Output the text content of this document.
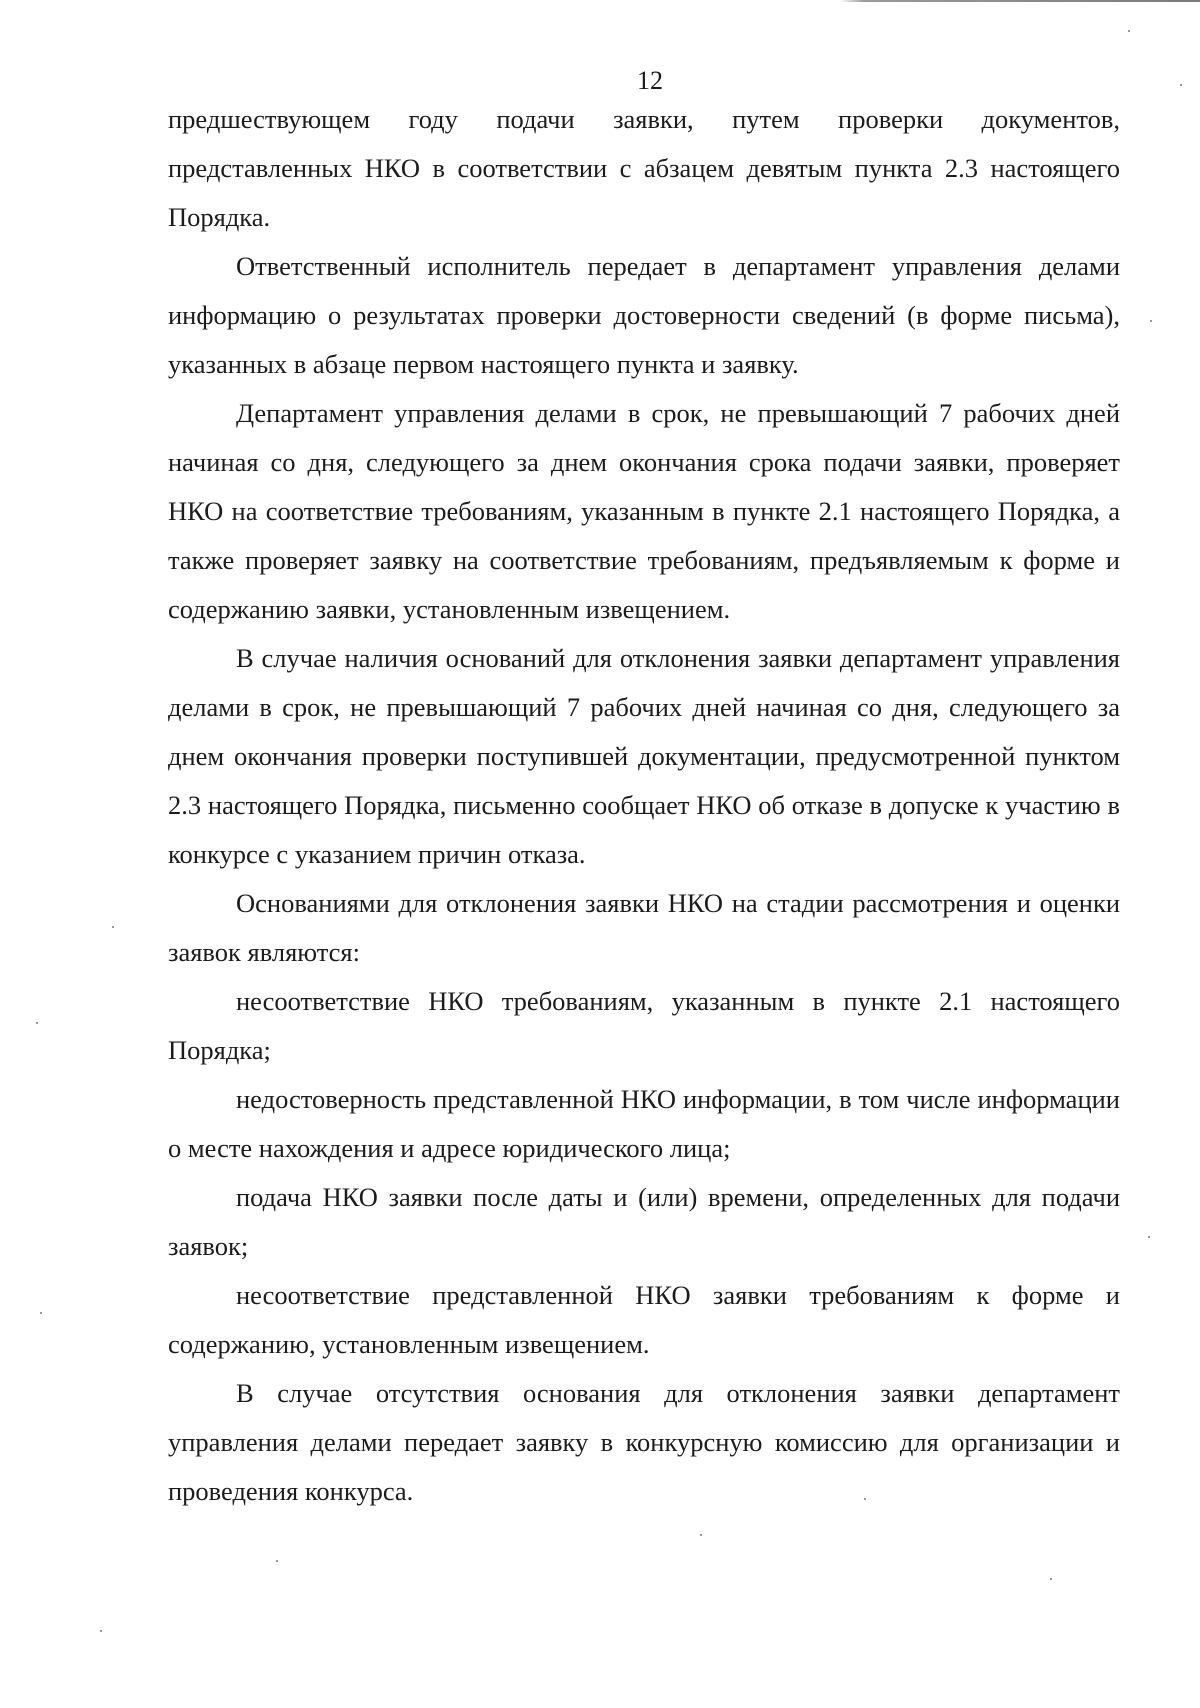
12

предшествующем году подачи заявки, путем проверки документов, представленных НКО в соответствии с абзацем девятым пункта 2.3 настоящего Порядка.

Ответственный исполнитель передает в департамент управления делами информацию о результатах проверки достоверности сведений (в форме письма), указанных в абзаце первом настоящего пункта и заявку.

Департамент управления делами в срок, не превышающий 7 рабочих дней начиная со дня, следующего за днем окончания срока подачи заявки, проверяет НКО на соответствие требованиям, указанным в пункте 2.1 настоящего Порядка, а также проверяет заявку на соответствие требованиям, предъявляемым к форме и содержанию заявки, установленным извещением.

В случае наличия оснований для отклонения заявки департамент управления делами в срок, не превышающий 7 рабочих дней начиная со дня, следующего за днем окончания проверки поступившей документации, предусмотренной пунктом 2.3 настоящего Порядка, письменно сообщает НКО об отказе в допуске к участию в конкурсе с указанием причин отказа.

Основаниями для отклонения заявки НКО на стадии рассмотрения и оценки заявок являются:

несоответствие НКО требованиям, указанным в пункте 2.1 настоящего Порядка;

недостоверность представленной НКО информации, в том числе информации о месте нахождения и адресе юридического лица;

подача НКО заявки после даты и (или) времени, определенных для подачи заявок;

несоответствие представленной НКО заявки требованиям к форме и содержанию, установленным извещением.

В случае отсутствия основания для отклонения заявки департамент управления делами передает заявку в конкурсную комиссию для организации и проведения конкурса.
